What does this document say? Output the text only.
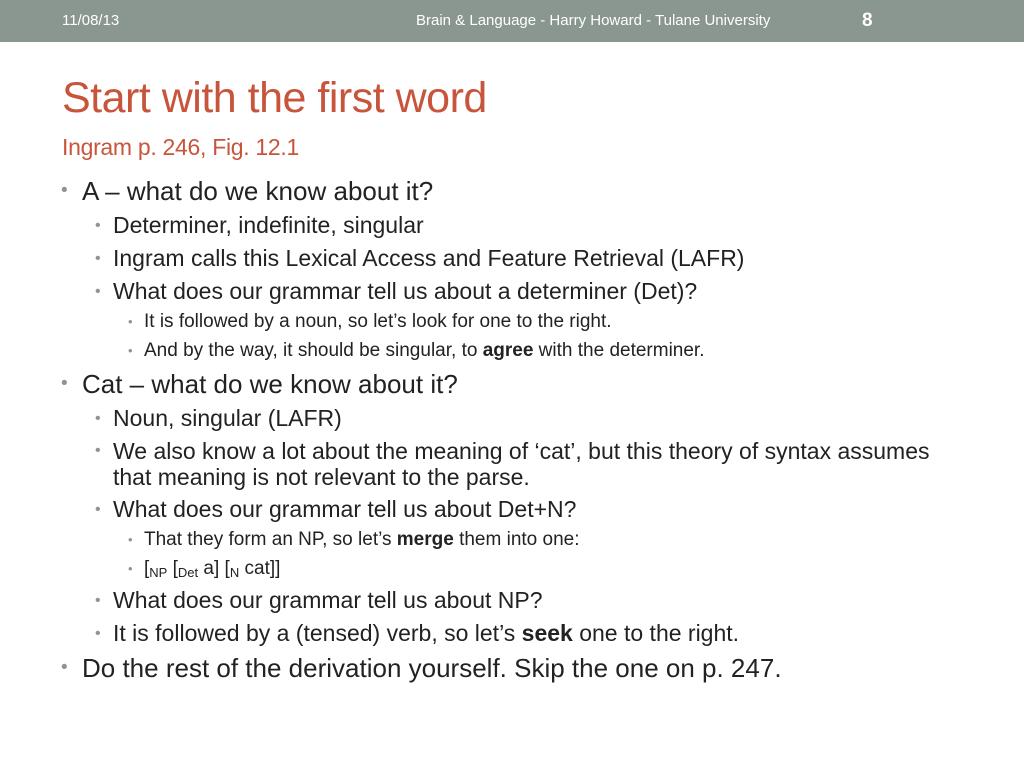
11/08/13	Brain & Language - Harry Howard - Tulane University	8
Start with the first word
Ingram p. 246, Fig. 12.1
• A – what do we know about it?
• Determiner, indefinite, singular
• Ingram calls this Lexical Access and Feature Retrieval (LAFR)
• What does our grammar tell us about a determiner (Det)?
• It is followed by a noun, so let’s look for one to the right.
• And by the way, it should be singular, to agree with the determiner.
• Cat – what do we know about it?
• Noun, singular (LAFR)
• We also know a lot about the meaning of ‘cat’, but this theory of syntax assumes that meaning is not relevant to the parse.
• What does our grammar tell us about Det+N?
• That they form an NP, so let’s merge them into one:
• [$_{NP}$ [$_{Det}$ a] [$_N$ cat]]
• What does our grammar tell us about NP?
• It is followed by a (tensed) verb, so let’s seek one to the right.
• Do the rest of the derivation yourself. Skip the one on p. 247.
